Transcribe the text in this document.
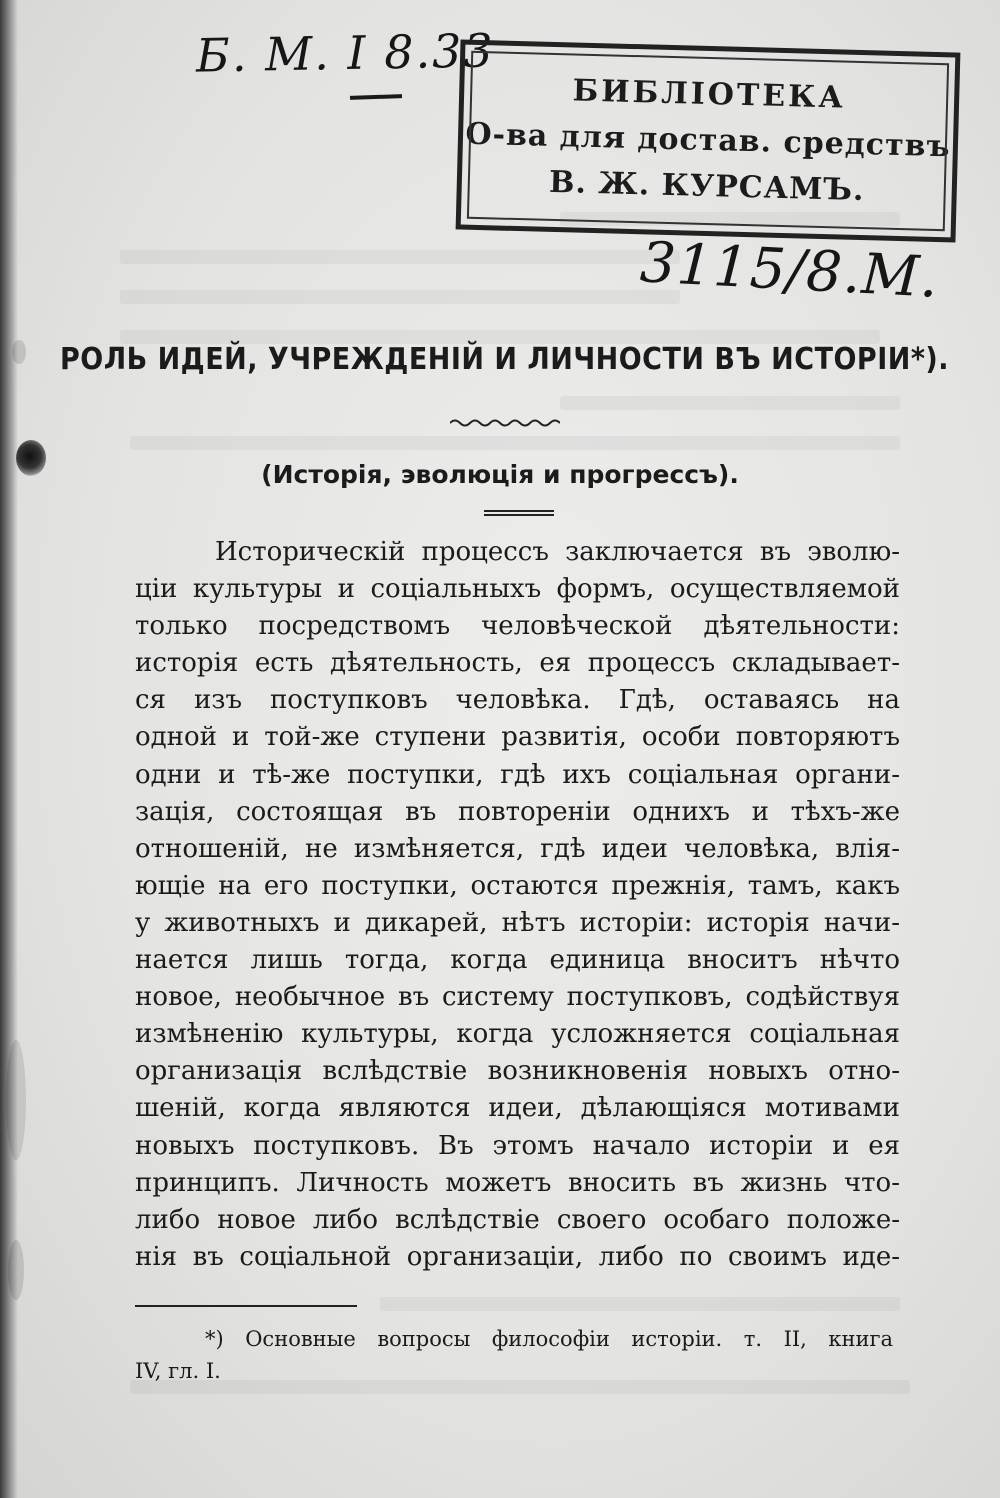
Б. М. I 8.33
БИБЛІОТЕКА
О-ва для достав. средствъ
В. Ж. КУРСАМЪ.
3115/8.М.
РОЛЬ ИДЕЙ, УЧРЕЖДЕНІЙ И ЛИЧНОСТИ ВЪ ИСТОРІИ*).
(Исторія, эволюція и прогрессъ).
Историческій процессъ заключается въ эволю-
ціи культуры и соціальныхъ формъ, осуществляемой
только посредствомъ человѣческой дѣятельности:
исторія есть дѣятельность, ея процессъ складывает-
ся изъ поступковъ человѣка. Гдѣ, оставаясь на
одной и той-же ступени развитія, особи повторяютъ
одни и тѣ-же поступки, гдѣ ихъ соціальная органи-
зація, состоящая въ повтореніи однихъ и тѣхъ-же
отношеній, не измѣняется, гдѣ идеи человѣка, влія-
ющіе на его поступки, остаются прежнія, тамъ, какъ
у животныхъ и дикарей, нѣтъ исторіи: исторія начи-
нается лишь тогда, когда единица вноситъ нѣчто
новое, необычное въ систему поступковъ, содѣйствуя
измѣненію культуры, когда усложняется соціальная
организація вслѣдствіе возникновенія новыхъ отно-
шеній, когда являются идеи, дѣлающіяся мотивами
новыхъ поступковъ. Въ этомъ начало исторіи и ея
принципъ. Личность можетъ вносить въ жизнь что-
либо новое либо вслѣдствіе своего особаго положе-
нія въ соціальной организаціи, либо по своимъ иде-
*) Основные вопросы философіи исторіи. т. II, книга
IV, гл. I.
